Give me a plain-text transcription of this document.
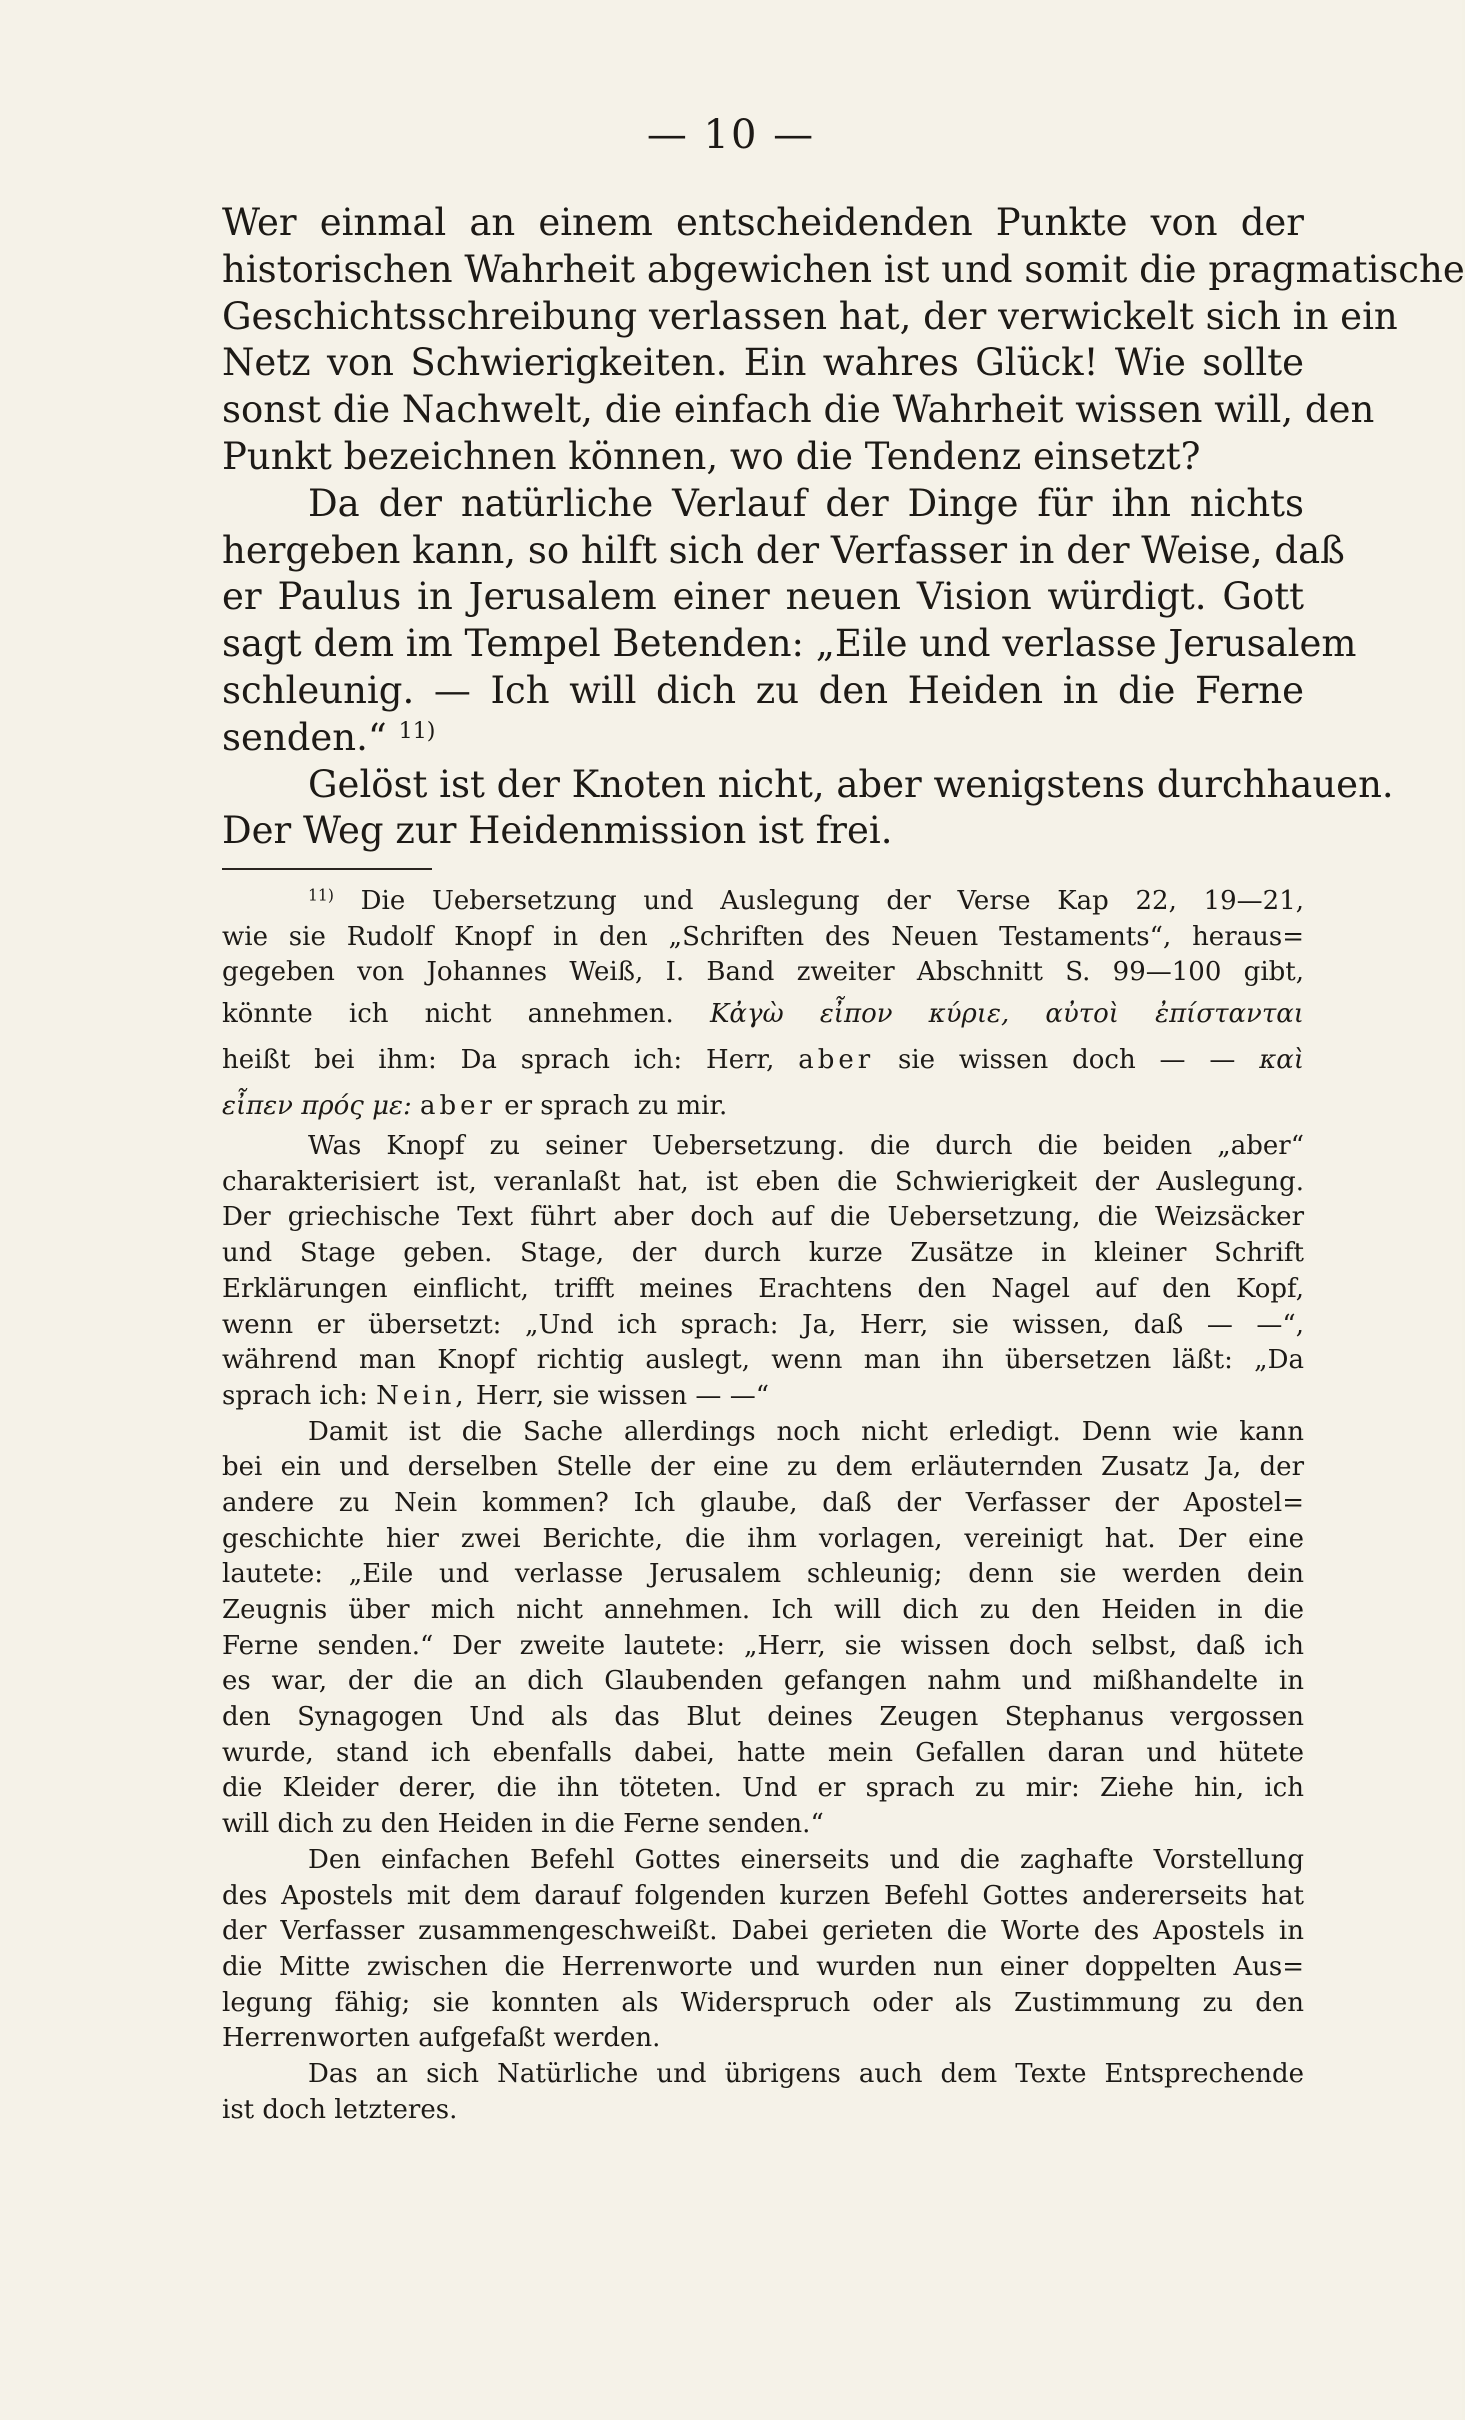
— 10 —
Wer einmal an einem entscheidenden Punkte von der
historischen Wahrheit abgewichen ist und somit die pragmatische
Geschichtsschreibung verlassen hat, der verwickelt sich in ein
Netz von Schwierigkeiten. Ein wahres Glück! Wie sollte
sonst die Nachwelt, die einfach die Wahrheit wissen will, den
Punkt bezeichnen können, wo die Tendenz einsetzt?
Da der natürliche Verlauf der Dinge für ihn nichts
hergeben kann, so hilft sich der Verfasser in der Weise, daß
er Paulus in Jerusalem einer neuen Vision würdigt. Gott
sagt dem im Tempel Betenden: „Eile und verlasse Jerusalem
schleunig. — Ich will dich zu den Heiden in die Ferne
senden.“ $^{11)}$
Gelöst ist der Knoten nicht, aber wenigstens durchhauen.
Der Weg zur Heidenmission ist frei.
$^{11)}$ Die Uebersetzung und Auslegung der Verse Kap 22, 19—21,
wie sie Rudolf Knopf in den „Schriften des Neuen Testaments“, heraus=
gegeben von Johannes Weiß, I. Band zweiter Abschnitt S. 99—100 gibt,
könnte ich nicht annehmen. Κἀγὼ εἶπον κύριε, αὐτοὶ ἐπίστανται
heißt bei ihm: Da sprach ich: Herr, aber sie wissen doch — — καὶ
εἶπεν πρός με: aber er sprach zu mir.
Was Knopf zu seiner Uebersetzung. die durch die beiden „aber“
charakterisiert ist, veranlaßt hat, ist eben die Schwierigkeit der Auslegung.
Der griechische Text führt aber doch auf die Uebersetzung, die Weizsäcker
und Stage geben. Stage, der durch kurze Zusätze in kleiner Schrift
Erklärungen einflicht, trifft meines Erachtens den Nagel auf den Kopf,
wenn er übersetzt: „Und ich sprach: Ja, Herr, sie wissen, daß — —“,
während man Knopf richtig auslegt, wenn man ihn übersetzen läßt: „Da
sprach ich: Nein, Herr, sie wissen — —“
Damit ist die Sache allerdings noch nicht erledigt. Denn wie kann
bei ein und derselben Stelle der eine zu dem erläuternden Zusatz Ja, der
andere zu Nein kommen? Ich glaube, daß der Verfasser der Apostel=
geschichte hier zwei Berichte, die ihm vorlagen, vereinigt hat. Der eine
lautete: „Eile und verlasse Jerusalem schleunig; denn sie werden dein
Zeugnis über mich nicht annehmen. Ich will dich zu den Heiden in die
Ferne senden.“ Der zweite lautete: „Herr, sie wissen doch selbst, daß ich
es war, der die an dich Glaubenden gefangen nahm und mißhandelte in
den Synagogen Und als das Blut deines Zeugen Stephanus vergossen
wurde, stand ich ebenfalls dabei, hatte mein Gefallen daran und hütete
die Kleider derer, die ihn töteten. Und er sprach zu mir: Ziehe hin, ich
will dich zu den Heiden in die Ferne senden.“
Den einfachen Befehl Gottes einerseits und die zaghafte Vorstellung
des Apostels mit dem darauf folgenden kurzen Befehl Gottes andererseits hat
der Verfasser zusammengeschweißt. Dabei gerieten die Worte des Apostels in
die Mitte zwischen die Herrenworte und wurden nun einer doppelten Aus=
legung fähig; sie konnten als Widerspruch oder als Zustimmung zu den
Herrenworten aufgefaßt werden.
Das an sich Natürliche und übrigens auch dem Texte Entsprechende
ist doch letzteres.
